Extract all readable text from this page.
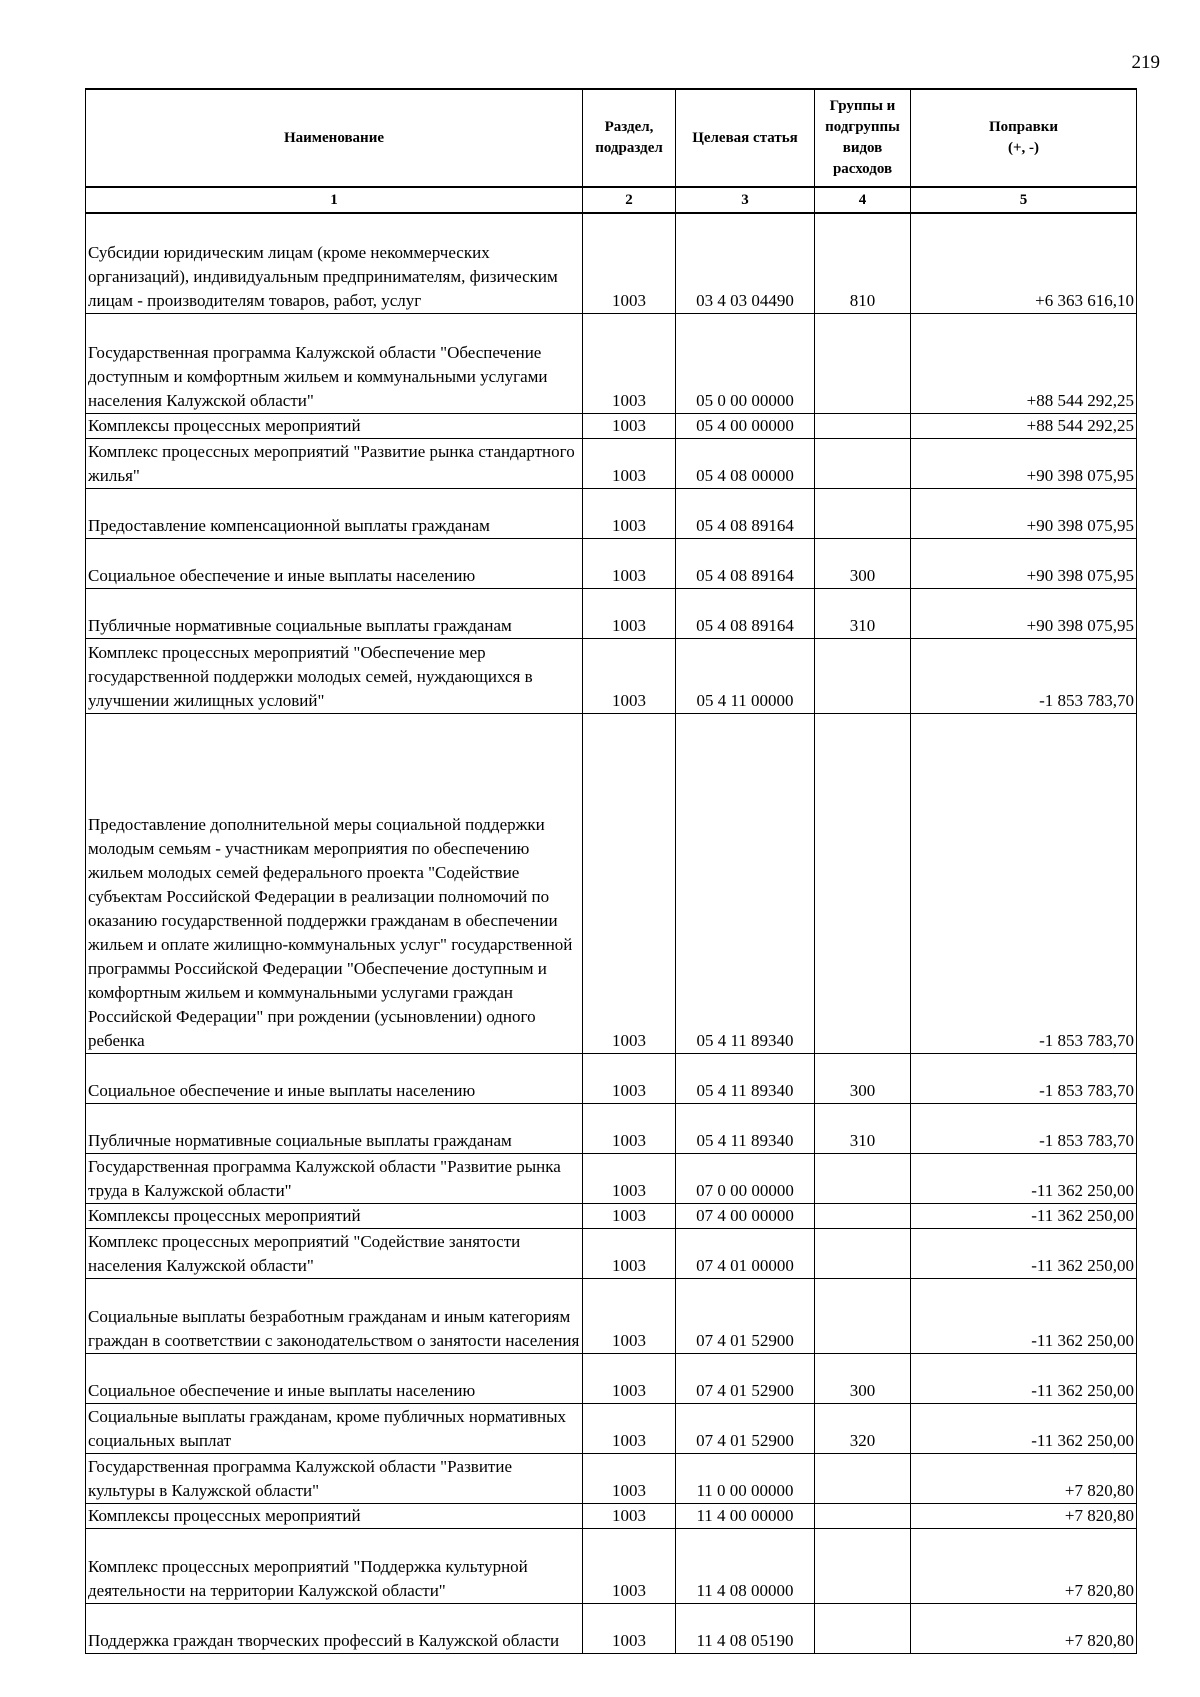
219
Наименование	Раздел, подраздел	Целевая статья	Группы и подгруппы видов расходов	Поправки
(+, -)
1	2	3	4	5
Субсидии юридическим лицам (кроме некоммерческих организаций), индивидуальным предпринимателям, физическим лицам - производителям товаров, работ, услуг	1003	03 4 03 04490	810	+6 363 616,10
Государственная программа Калужской области "Обеспечение доступным и комфортным жильем и коммунальными услугами населения Калужской области"	1003	05 0 00 00000		+88 544 292,25
Комплексы процессных мероприятий	1003	05 4 00 00000		+88 544 292,25
Комплекс процессных мероприятий "Развитие рынка стандартного жилья"	1003	05 4 08 00000		+90 398 075,95
Предоставление компенсационной выплаты гражданам	1003	05 4 08 89164		+90 398 075,95
Социальное обеспечение и иные выплаты населению	1003	05 4 08 89164	300	+90 398 075,95
Публичные нормативные социальные выплаты гражданам	1003	05 4 08 89164	310	+90 398 075,95
Комплекс процессных мероприятий "Обеспечение мер государственной поддержки молодых семей, нуждающихся в улучшении жилищных условий"	1003	05 4 11 00000		-1 853 783,70
Предоставление дополнительной меры социальной поддержки молодым семьям - участникам мероприятия по обеспечению жильем молодых семей федерального проекта "Содействие субъектам Российской Федерации в реализации полномочий по оказанию государственной поддержки гражданам в обеспечении жильем и оплате жилищно-коммунальных услуг" государственной программы Российской Федерации "Обеспечение доступным и комфортным жильем и коммунальными услугами граждан Российской Федерации" при рождении (усыновлении) одного ребенка	1003	05 4 11 89340		-1 853 783,70
Социальное обеспечение и иные выплаты населению	1003	05 4 11 89340	300	-1 853 783,70
Публичные нормативные социальные выплаты гражданам	1003	05 4 11 89340	310	-1 853 783,70
Государственная программа Калужской области "Развитие рынка труда в Калужской области"	1003	07 0 00 00000		-11 362 250,00
Комплексы процессных мероприятий	1003	07 4 00 00000		-11 362 250,00
Комплекс процессных мероприятий "Содействие занятости населения Калужской области"	1003	07 4 01 00000		-11 362 250,00
Социальные выплаты безработным гражданам и иным категориям граждан в соответствии с законодательством о занятости населения	1003	07 4 01 52900		-11 362 250,00
Социальное обеспечение и иные выплаты населению	1003	07 4 01 52900	300	-11 362 250,00
Социальные выплаты гражданам, кроме публичных нормативных социальных выплат	1003	07 4 01 52900	320	-11 362 250,00
Государственная программа Калужской области "Развитие культуры в Калужской области"	1003	11 0 00 00000		+7 820,80
Комплексы процессных мероприятий	1003	11 4 00 00000		+7 820,80
Комплекс процессных мероприятий "Поддержка культурной деятельности на территории Калужской области"	1003	11 4 08 00000		+7 820,80
Поддержка граждан творческих профессий в Калужской области	1003	11 4 08 05190		+7 820,80
